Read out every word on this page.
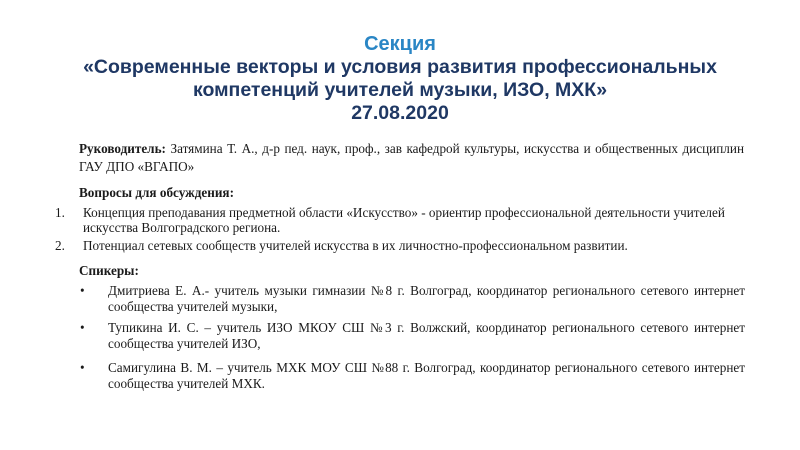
Секция
«Современные векторы и условия развития профессиональных
компетенций учителей музыки, ИЗО, МХК»
27.08.2020
Руководитель: Затямина Т. А., д-р пед. наук, проф., зав кафедрой культуры, искусства и общественных дисциплин ГАУ ДПО «ВГАПО»
Вопросы для обсуждения:
1. Концепция преподавания предметной области «Искусство» - ориентир профессиональной деятельности учителей искусства Волгоградского региона.
2. Потенциал сетевых сообществ учителей искусства в их личностно-профессиональном развитии.
Спикеры:
• Дмитриева Е. А.- учитель музыки гимназии №8 г. Волгоград, координатор регионального сетевого интернет сообщества учителей музыки,
• Тупикина И. С. – учитель ИЗО МКОУ СШ №3 г. Волжский, координатор регионального сетевого интернет сообщества учителей ИЗО,
• Самигулина В. М. – учитель МХК МОУ СШ №88 г. Волгоград, координатор регионального сетевого интернет сообщества учителей МХК.
